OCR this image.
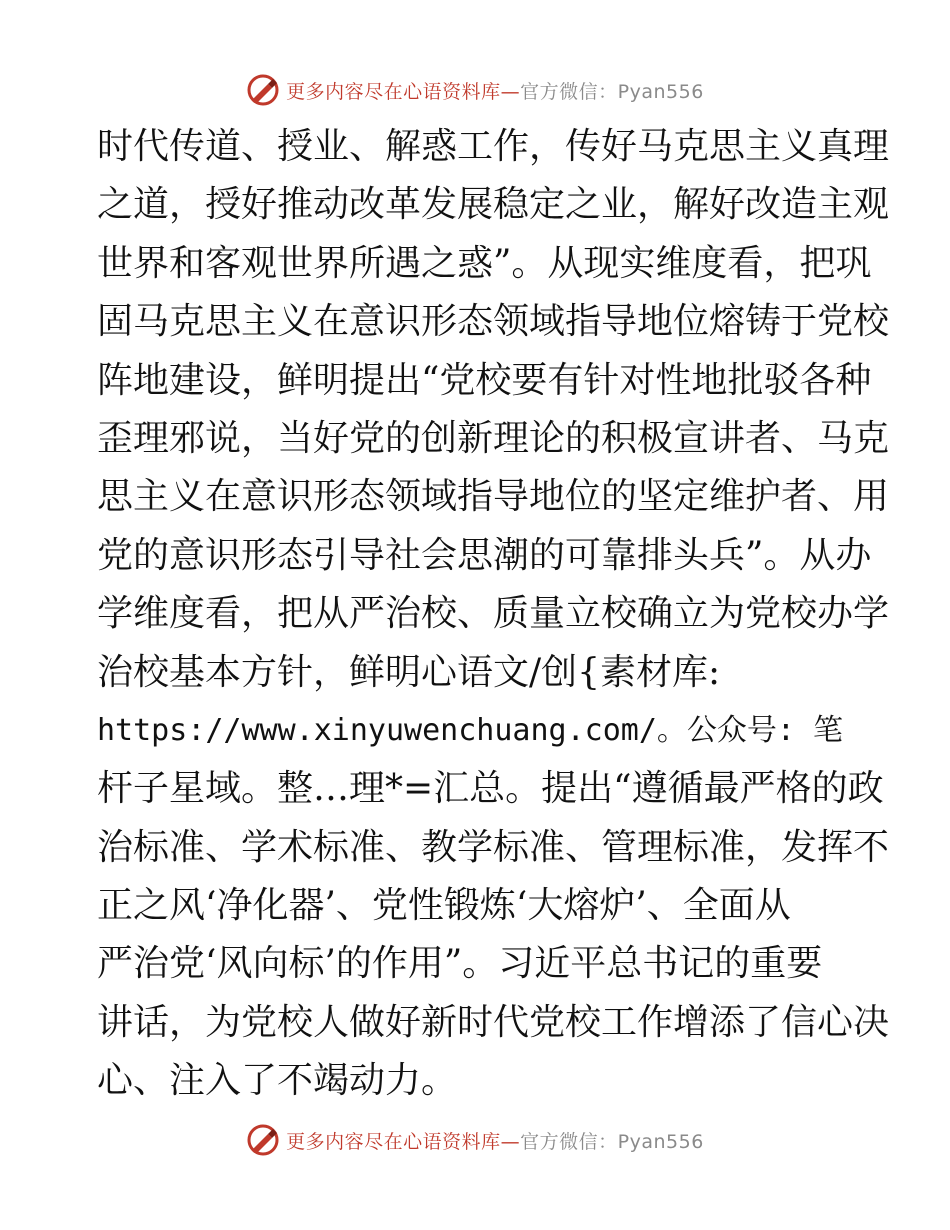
更多内容尽在心语资料库—官方微信：Pyan556
时代传道、授业、解惑工作，传好马克思主义真理
之道，授好推动改革发展稳定之业，解好改造主观
世界和客观世界所遇之惑”。从现实维度看，把巩
固马克思主义在意识形态领域指导地位熔铸于党校
阵地建设，鲜明提出“党校要有针对性地批驳各种
歪理邪说，当好党的创新理论的积极宣讲者、马克
思主义在意识形态领域指导地位的坚定维护者、用
党的意识形态引导社会思潮的可靠排头兵”。从办
学维度看，把从严治校、质量立校确立为党校办学
治校基本方针，鲜明心语文/创{素材库:
https://www.xinyuwenchuang.com/。公众号: 笔
杆子星域。整…理*=汇总。提出“遵循最严格的政
治标准、学术标准、教学标准、管理标准，发挥不
正之风‘净化器’、党性锻炼‘大熔炉’、全面从
严治党‘风向标’的作用”。习近平总书记的重要
讲话，为党校人做好新时代党校工作增添了信心决
心、注入了不竭动力。
更多内容尽在心语资料库—官方微信：Pyan556
